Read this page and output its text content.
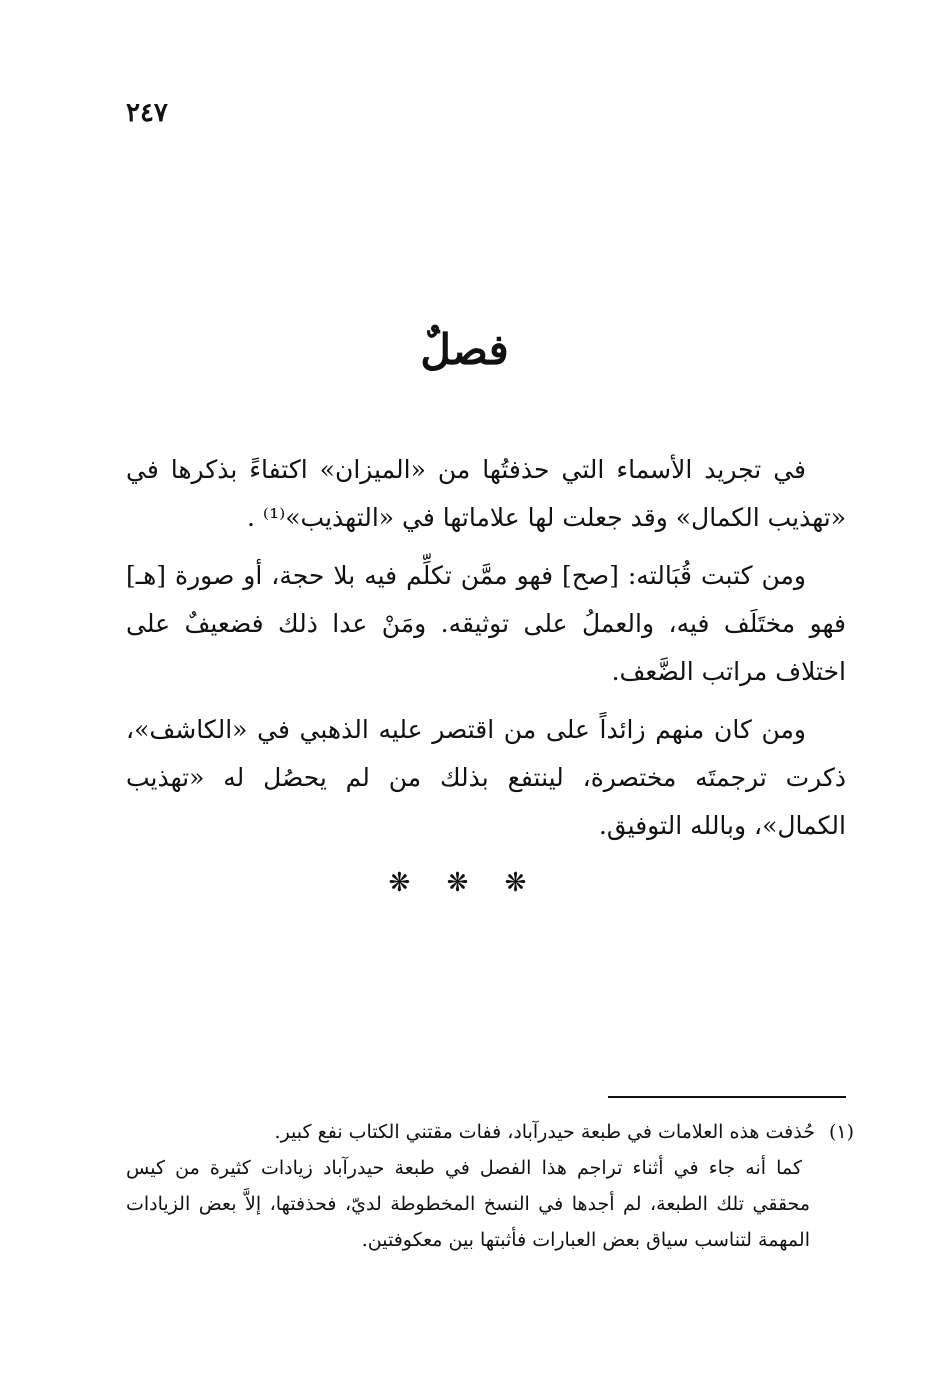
٢٤٧
فصلٌ

في تجريد الأسماء التي حذفتُها من «الميزان» اكتفاءً بذكرها في «تهذيب الكمال» وقد جعلت لها علاماتها في «التهذيب»⁽¹⁾ .

ومن كتبت قُبَالته: [صح] فهو ممَّن تكلِّم فيه بلا حجة، أو صورة [هـ] فهو مختَلَف فيه، والعملُ على توثيقه. ومَنْ عدا ذلك فضعيفٌ على اختلاف مراتب الضَّعف.

ومن كان منهم زائداً على من اقتصر عليه الذهبي في «الكاشف»، ذكرت ترجمتَه مختصرة، لينتفع بذلك من لم يحصُل له «تهذيب الكمال»، وبالله التوفيق.

❋ ❋ ❋

(١)حُذفت هذه العلامات في طبعة حيدرآباد، ففات مقتني الكتاب نفع كبير.

كما أنه جاء في أثناء تراجم هذا الفصل في طبعة حيدرآباد زيادات كثيرة من كيس محققي تلك الطبعة، لم أجدها في النسخ المخطوطة لديّ، فحذفتها، إلاَّ بعض الزيادات المهمة لتناسب سياق بعض العبارات فأثبتها بين معكوفتين.
